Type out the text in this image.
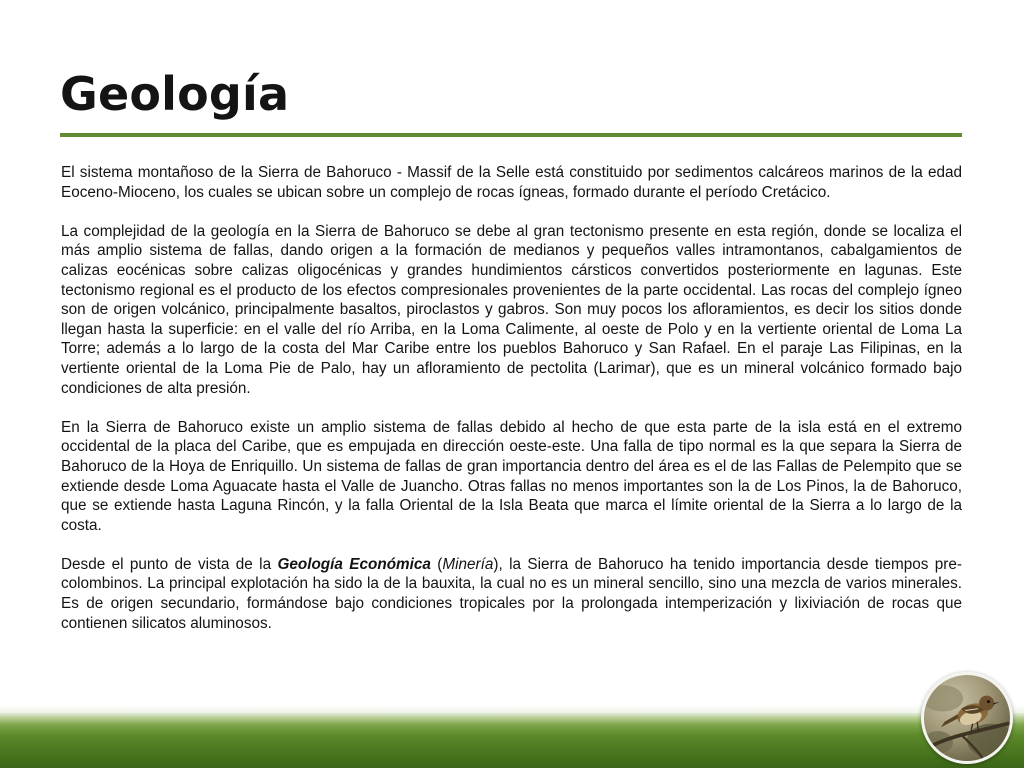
Geología

El sistema montañoso de la Sierra de Bahoruco - Massif de la Selle está constituido por sedimentos calcáreos marinos de la edad Eoceno-Mioceno, los cuales se ubican sobre un complejo de rocas ígneas, formado durante el período Cretácico.

La complejidad de la geología en la Sierra de Bahoruco se debe al gran tectonismo presente en esta región, donde se localiza el más amplio sistema de fallas, dando origen a la formación de medianos y pequeños valles intramontanos, cabalgamientos de calizas eocénicas sobre calizas oligocénicas y grandes hundimientos cársticos convertidos posteriormente en lagunas. Este tectonismo regional es el producto de los efectos compresionales provenientes de la parte occidental. Las rocas del complejo ígneo son de origen volcánico, principalmente basaltos, piroclastos y gabros. Son muy pocos los afloramientos, es decir los sitios donde llegan hasta la superficie: en el valle del río Arriba, en la Loma Calimente, al oeste de Polo y en la vertiente oriental de Loma La Torre; además a lo largo de la costa del Mar Caribe entre los pueblos Bahoruco y San Rafael. En el paraje Las Filipinas, en la vertiente oriental de la Loma Pie de Palo, hay un afloramiento de pectolita (Larimar), que es un mineral volcánico formado bajo condiciones de alta presión.

En la Sierra de Bahoruco existe un amplio sistema de fallas debido al hecho de que esta parte de la isla está en el extremo occidental de la placa del Caribe, que es empujada en dirección oeste-este. Una falla de tipo normal es la que separa la Sierra de Bahoruco de la Hoya de Enriquillo. Un sistema de fallas de gran importancia dentro del área es el de las Fallas de Pelempito que se extiende desde Loma Aguacate hasta el Valle de Juancho. Otras fallas no menos importantes son la de Los Pinos, la de Bahoruco, que se extiende hasta Laguna Rincón, y la falla Oriental de la Isla Beata que marca el límite oriental de la Sierra a lo largo de la costa.

Desde el punto de vista de la Geología Económica (Minería), la Sierra de Bahoruco ha tenido importancia desde tiempos pre-colombinos. La principal explotación ha sido la de la bauxita, la cual no es un mineral sencillo, sino una mezcla de varios minerales. Es de origen secundario, formándose bajo condiciones tropicales por la prolongada intemperización y lixiviación de rocas que contienen silicatos aluminosos.
